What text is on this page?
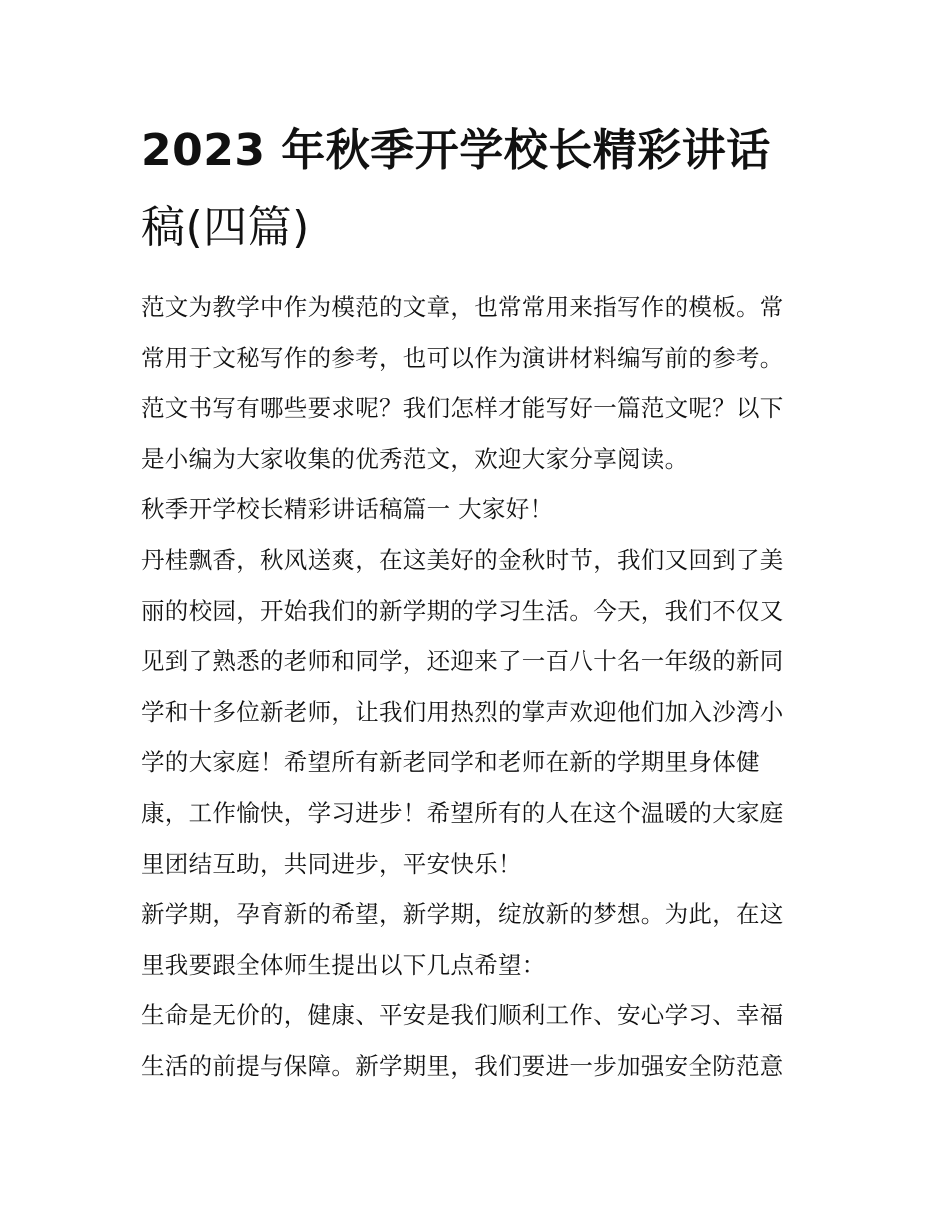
2023 年秋季开学校长精彩讲话
稿(四篇)

范文为教学中作为模范的文章，也常常用来指写作的模板。常

常用于文秘写作的参考，也可以作为演讲材料编写前的参考。

范文书写有哪些要求呢？我们怎样才能写好一篇范文呢？以下

是小编为大家收集的优秀范文，欢迎大家分享阅读。

秋季开学校长精彩讲话稿篇一 大家好！

丹桂飘香，秋风送爽，在这美好的金秋时节，我们又回到了美

丽的校园，开始我们的新学期的学习生活。今天，我们不仅又

见到了熟悉的老师和同学，还迎来了一百八十名一年级的新同

学和十多位新老师，让我们用热烈的掌声欢迎他们加入沙湾小

学的大家庭！希望所有新老同学和老师在新的学期里身体健

康，工作愉快，学习进步！希望所有的人在这个温暖的大家庭

里团结互助，共同进步，平安快乐！

新学期，孕育新的希望，新学期，绽放新的梦想。为此，在这

里我要跟全体师生提出以下几点希望：

生命是无价的，健康、平安是我们顺利工作、安心学习、幸福

生活的前提与保障。新学期里，我们要进一步加强安全防范意
